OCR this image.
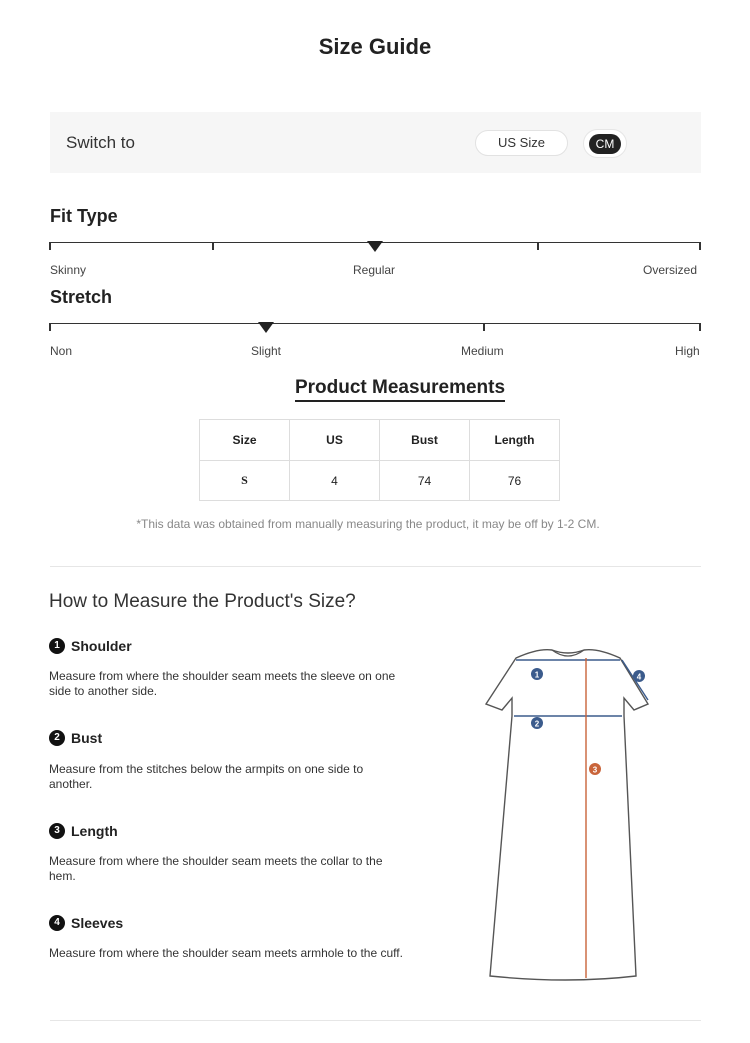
Size Guide
Switch to	US Size	CM
Fit Type
Skinny	Regular	Oversized
Stretch
Non	Slight	Medium	High
Product Measurements
Size	US	Bust	Length
S	4	74	76
*This data was obtained from manually measuring the product, it may be off by 1-2 CM.
How to Measure the Product's Size?
1 Shoulder
Measure from where the shoulder seam meets the sleeve on one side to another side.
2 Bust
Measure from the stitches below the armpits on one side to another.
3 Length
Measure from where the shoulder seam meets the collar to the hem.
4 Sleeves
Measure from where the shoulder seam meets armhole to the cuff.
1
2
3
4
